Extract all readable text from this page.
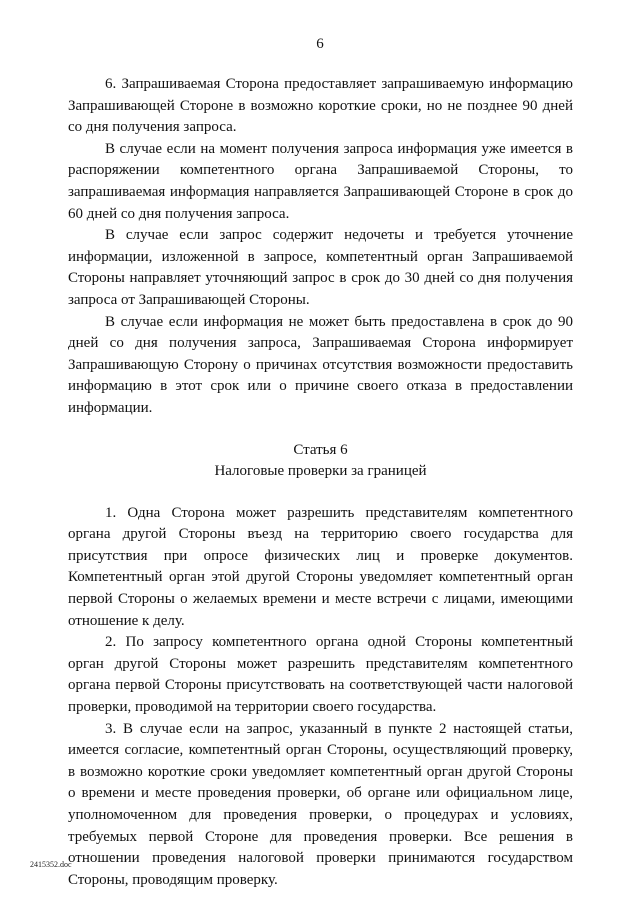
6

6. Запрашиваемая Сторона предоставляет запрашиваемую информацию Запрашивающей Стороне в возможно короткие сроки, но не позднее 90 дней со дня получения запроса.

В случае если на момент получения запроса информация уже имеется в распоряжении компетентного органа Запрашиваемой Стороны, то запрашиваемая информация направляется Запрашивающей Стороне в срок до 60 дней со дня получения запроса.

В случае если запрос содержит недочеты и требуется уточнение информации, изложенной в запросе, компетентный орган Запрашиваемой Стороны направляет уточняющий запрос в срок до 30 дней со дня получения запроса от Запрашивающей Стороны.

В случае если информация не может быть предоставлена в срок до 90 дней со дня получения запроса, Запрашиваемая Сторона информирует Запрашивающую Сторону о причинах отсутствия возможности предоставить информацию в этот срок или о причине своего отказа в предоставлении информации.

Статья 6
Налоговые проверки за границей

1. Одна Сторона может разрешить представителям компетентного органа другой Стороны въезд на территорию своего государства для присутствия при опросе физических лиц и проверке документов. Компетентный орган этой другой Стороны уведомляет компетентный орган первой Стороны о желаемых времени и месте встречи с лицами, имеющими отношение к делу.

2. По запросу компетентного органа одной Стороны компетентный орган другой Стороны может разрешить представителям компетентного органа первой Стороны присутствовать на соответствующей части налоговой проверки, проводимой на территории своего государства.

3. В случае если на запрос, указанный в пункте 2 настоящей статьи, имеется согласие, компетентный орган Стороны, осуществляющий проверку, в возможно короткие сроки уведомляет компетентный орган другой Стороны о времени и месте проведения проверки, об органе или официальном лице, уполномоченном для проведения проверки, о процедурах и условиях, требуемых первой Стороне для проведения проверки. Все решения в отношении проведения налоговой проверки принимаются государством Стороны, проводящим проверку.

2415352.doc
